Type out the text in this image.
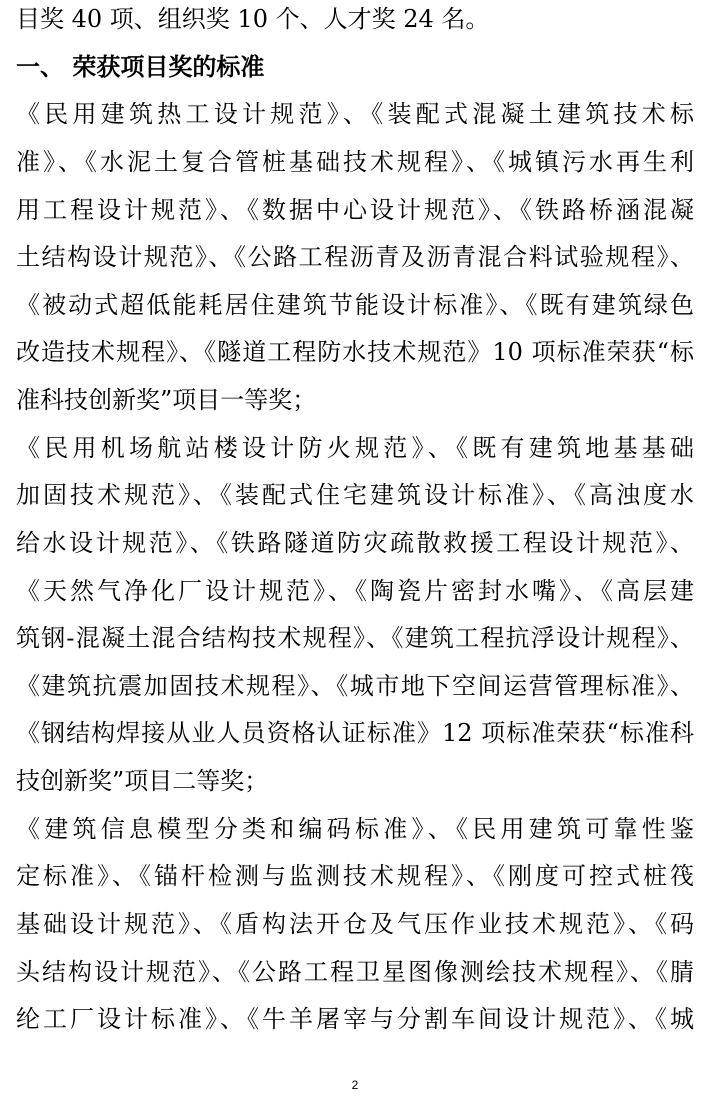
目奖 40 项、组织奖 10 个、人才奖 24 名。
一、 荣获项目奖的标准
《民用建筑热工设计规范》、《装配式混凝土建筑技术标
准》、《水泥土复合管桩基础技术规程》、《城镇污水再生利
用工程设计规范》、《数据中心设计规范》、《铁路桥涵混凝
土结构设计规范》、《公路工程沥青及沥青混合料试验规程》、
《被动式超低能耗居住建筑节能设计标准》、《既有建筑绿色
改造技术规程》、《隧道工程防水技术规范》10 项标准荣获“标
准科技创新奖”项目一等奖；
《民用机场航站楼设计防火规范》、《既有建筑地基基础
加固技术规范》、《装配式住宅建筑设计标准》、《高浊度水
给水设计规范》、《铁路隧道防灾疏散救援工程设计规范》、
《天然气净化厂设计规范》、《陶瓷片密封水嘴》、《高层建
筑钢-混凝土混合结构技术规程》、《建筑工程抗浮设计规程》、
《建筑抗震加固技术规程》、《城市地下空间运营管理标准》、
《钢结构焊接从业人员资格认证标准》12 项标准荣获“标准科
技创新奖”项目二等奖；
《建筑信息模型分类和编码标准》、《民用建筑可靠性鉴
定标准》、《锚杆检测与监测技术规程》、《刚度可控式桩筏
基础设计规范》、《盾构法开仓及气压作业技术规范》、《码
头结构设计规范》、《公路工程卫星图像测绘技术规程》、《腈
纶工厂设计标准》、《牛羊屠宰与分割车间设计规范》、《城
2
